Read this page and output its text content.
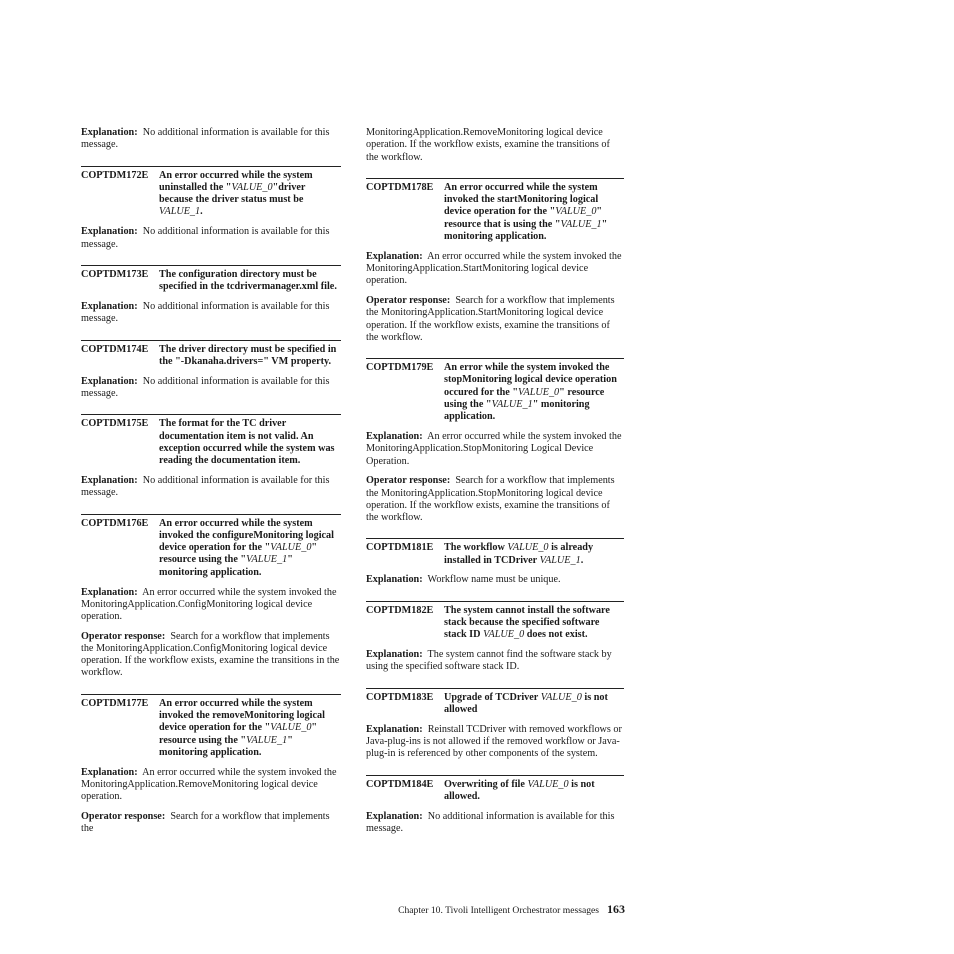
Explanation: No additional information is available for this message.

COPTDM172E	An error occurred while the system uninstalled the "VALUE_0"driver because the driver status must be VALUE_1.

Explanation: No additional information is available for this message.

COPTDM173E	The configuration directory must be specified in the tcdrivermanager.xml file.

Explanation: No additional information is available for this message.

COPTDM174E	The driver directory must be specified in the "-Dkanaha.drivers=" VM property.

Explanation: No additional information is available for this message.

COPTDM175E	The format for the TC driver documentation item is not valid. An exception occurred while the system was reading the documentation item.

Explanation: No additional information is available for this message.

COPTDM176E	An error occurred while the system invoked the configureMonitoring logical device operation for the "VALUE_0" resource using the "VALUE_1" monitoring application.

Explanation: An error occurred while the system invoked the MonitoringApplication.ConfigMonitoring logical device operation.

Operator response: Search for a workflow that implements the MonitoringApplication.ConfigMonitoring logical device operation. If the workflow exists, examine the transitions in the workflow.

COPTDM177E	An error occurred while the system invoked the removeMonitoring logical device operation for the "VALUE_0" resource using the "VALUE_1" monitoring application.

Explanation: An error occurred while the system invoked the MonitoringApplication.RemoveMonitoring logical device operation.

Operator response: Search for a workflow that implements the

MonitoringApplication.RemoveMonitoring logical device operation. If the workflow exists, examine the transitions of the workflow.

COPTDM178E	An error occurred while the system invoked the startMonitoring logical device operation for the "VALUE_0" resource that is using the "VALUE_1" monitoring application.

Explanation: An error occurred while the system invoked the MonitoringApplication.StartMonitoring logical device operation.

Operator response: Search for a workflow that implements the MonitoringApplication.StartMonitoring logical device operation. If the workflow exists, examine the transitions of the workflow.

COPTDM179E	An error while the system invoked the stopMonitoring logical device operation occured for the "VALUE_0" resource using the "VALUE_1" monitoring application.

Explanation: An error occurred while the system invoked the MonitoringApplication.StopMonitoring Logical Device Operation.

Operator response: Search for a workflow that implements the MonitoringApplication.StopMonitoring logical device operation. If the workflow exists, examine the transitions of the workflow.

COPTDM181E	The workflow VALUE_0 is already installed in TCDriver VALUE_1.

Explanation: Workflow name must be unique.

COPTDM182E	The system cannot install the software stack because the specified software stack ID VALUE_0 does not exist.

Explanation: The system cannot find the software stack by using the specified software stack ID.

COPTDM183E	Upgrade of TCDriver VALUE_0 is not allowed

Explanation: Reinstall TCDriver with removed workflows or Java-plug-ins is not allowed if the removed workflow or Java-plug-in is referenced by other components of the system.

COPTDM184E	Overwriting of file VALUE_0 is not allowed.

Explanation: No additional information is available for this message.

Chapter 10. Tivoli Intelligent Orchestrator messages 163
